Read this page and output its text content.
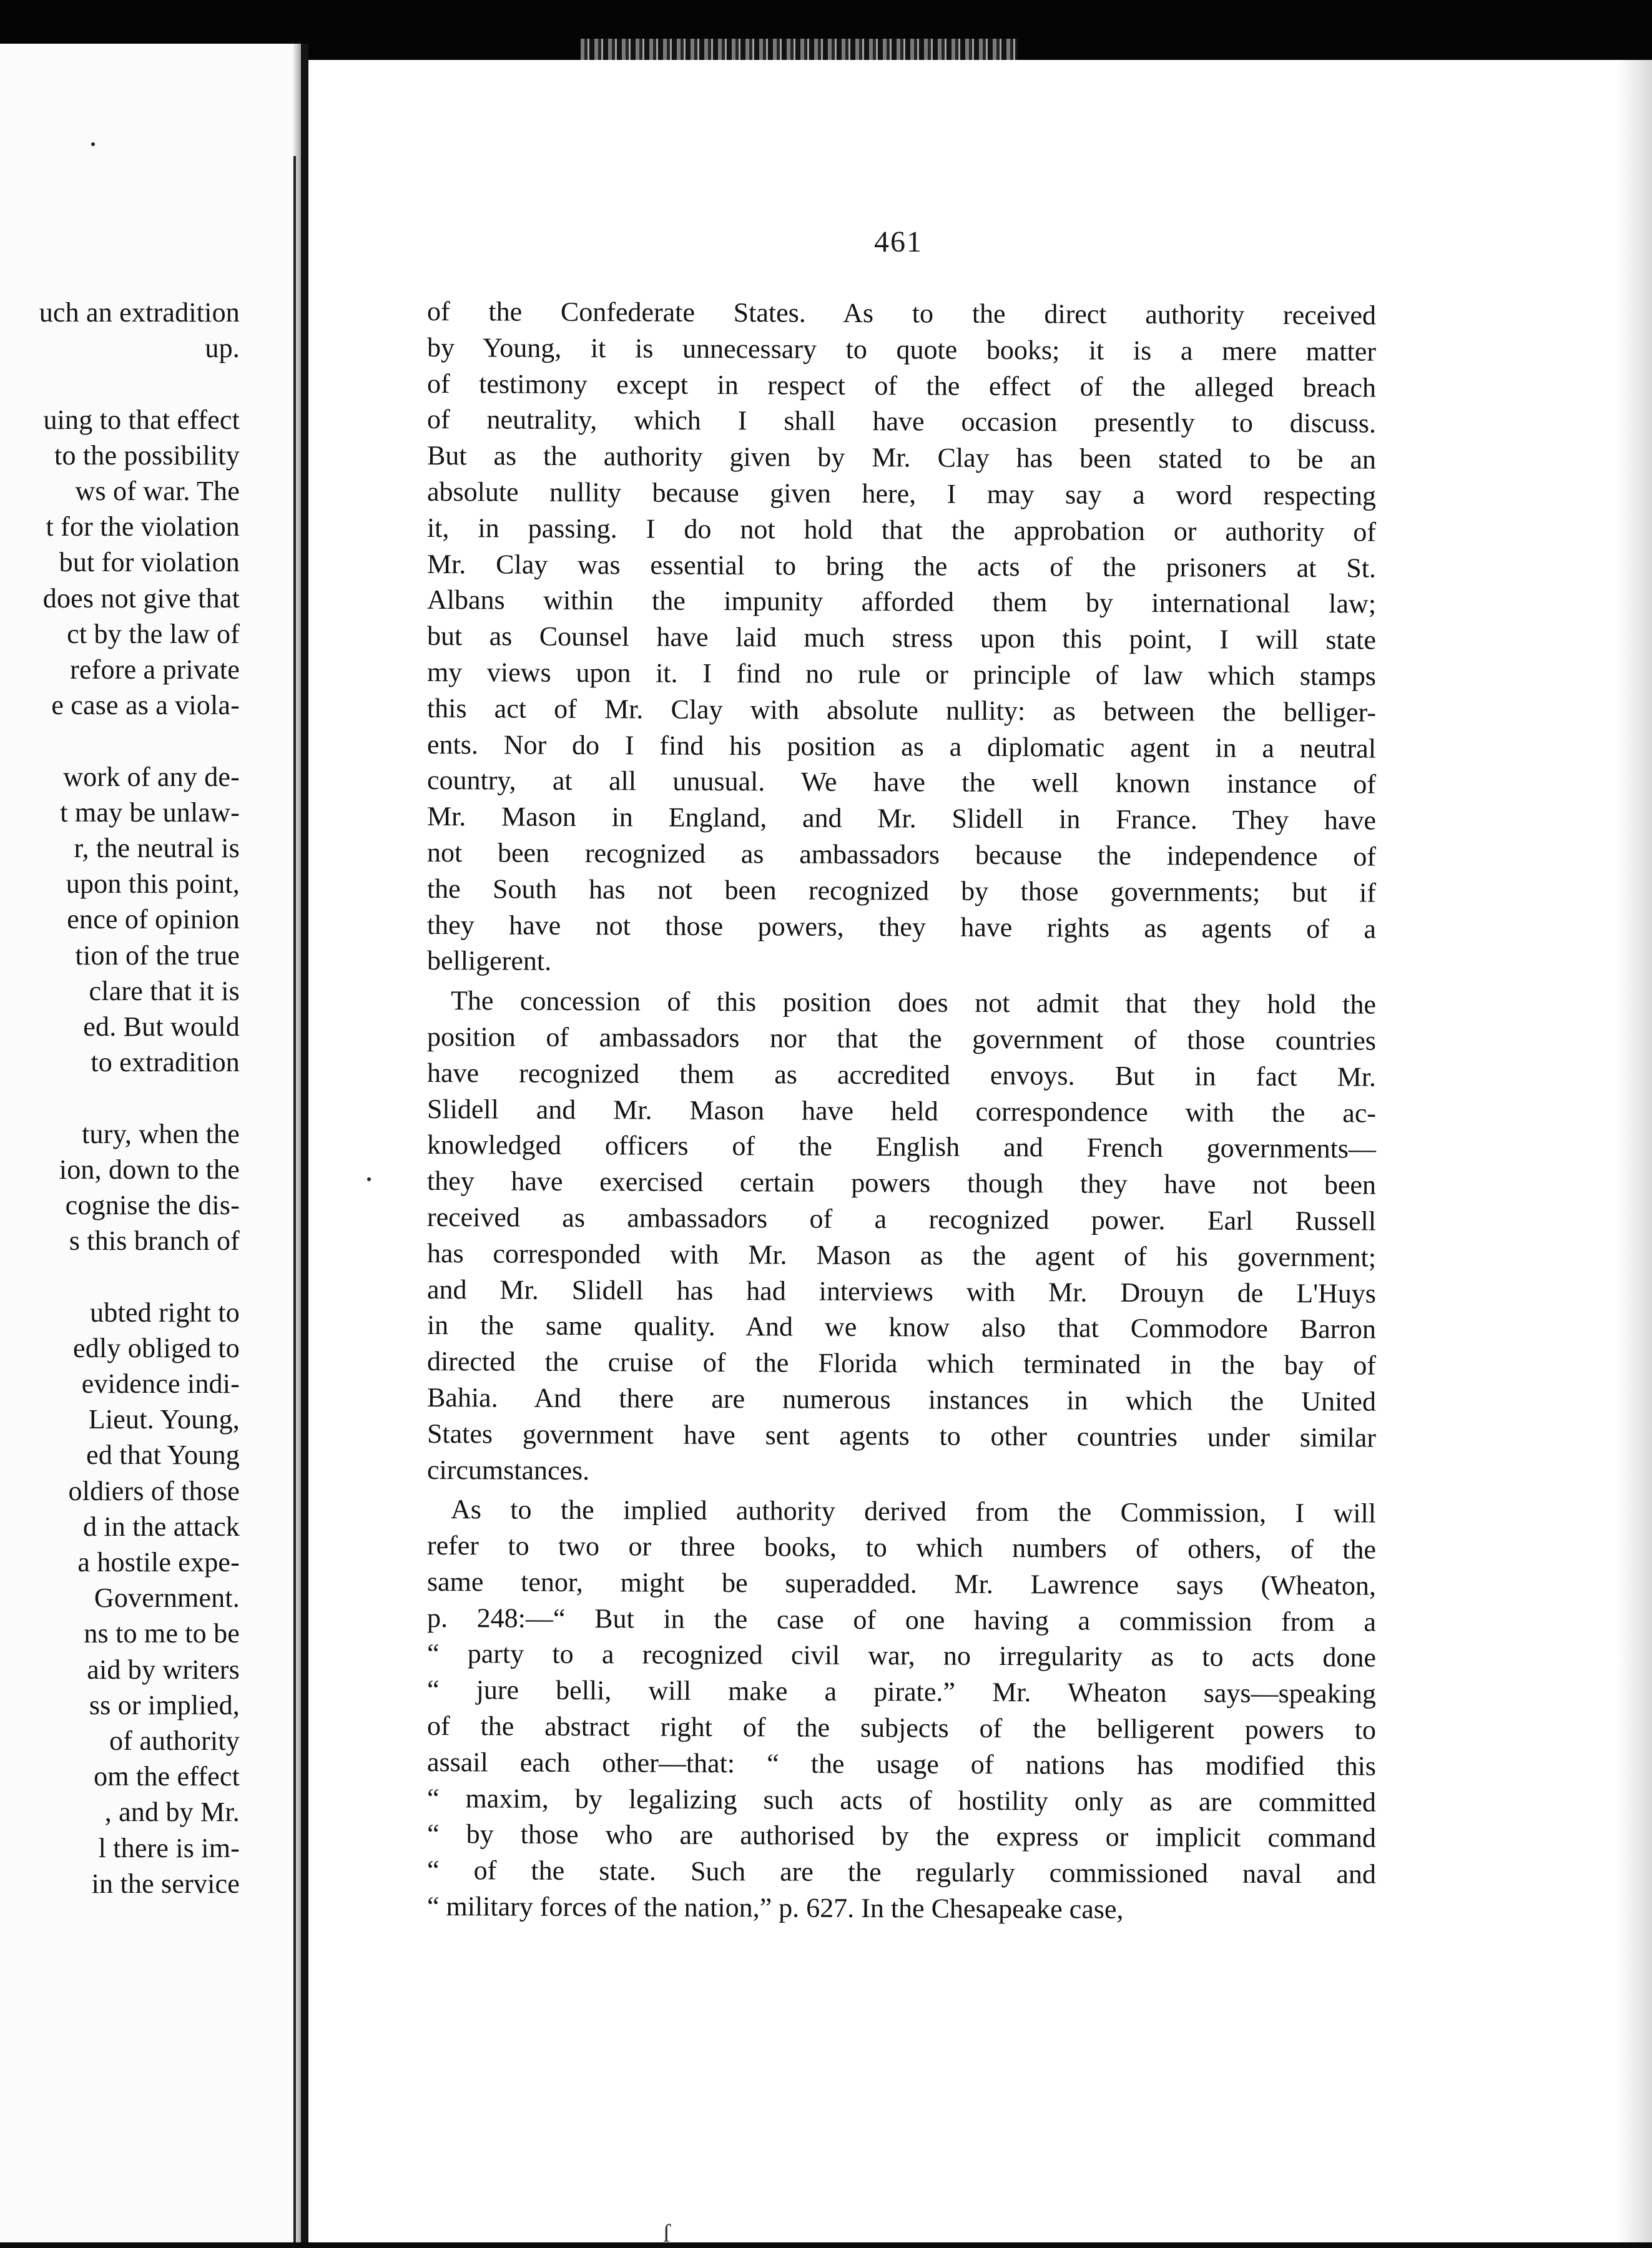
uch an extradition

up.

uing to that effect

to the possibility

ws of war. The

t for the violation

but for violation

does not give that

ct by the law of

refore a private

e case as a viola-

work of any de-

t may be unlaw-

r, the neutral is

upon this point,

ence of opinion

tion of the true

clare that it is

ed. But would

to extradition

tury, when the

ion, down to the

cognise the dis-

s this branch of

ubted right to

edly obliged to

evidence indi-

Lieut. Young,

ed that Young

oldiers of those

d in the attack

a hostile expe-

Government.

ns to me to be

aid by writers

ss or implied,

of authority

om the effect

, and by Mr.

l there is im-

in the service

ſ

461

of the Confederate States. As to the direct authority received
by Young, it is unnecessary to quote books; it is a mere matter
of testimony except in respect of the effect of the alleged breach
of neutrality, which I shall have occasion presently to discuss.
But as the authority given by Mr. Clay has been stated to be an
absolute nullity because given here, I may say a word respecting
it, in passing. I do not hold that the approbation or authority of
Mr. Clay was essential to bring the acts of the prisoners at St.
Albans within the impunity afforded them by international law;
but as Counsel have laid much stress upon this point, I will state
my views upon it. I find no rule or principle of law which stamps
this act of Mr. Clay with absolute nullity: as between the belliger-
ents. Nor do I find his position as a diplomatic agent in a neutral
country, at all unusual. We have the well known instance of
Mr. Mason in England, and Mr. Slidell in France. They have
not been recognized as ambassadors because the independence of
the South has not been recognized by those governments; but if
they have not those powers, they have rights as agents of a
belligerent.
The concession of this position does not admit that they hold the
position of ambassadors nor that the government of those countries
have recognized them as accredited envoys. But in fact Mr.
Slidell and Mr. Mason have held correspondence with the ac-
knowledged officers of the English and French governments—
they have exercised certain powers though they have not been
received as ambassadors of a recognized power. Earl Russell
has corresponded with Mr. Mason as the agent of his government;
and Mr. Slidell has had interviews with Mr. Drouyn de L'Huys
in the same quality. And we know also that Commodore Barron
directed the cruise of the Florida which terminated in the bay of
Bahia. And there are numerous instances in which the United
States government have sent agents to other countries under similar
circumstances.
As to the implied authority derived from the Commission, I will
refer to two or three books, to which numbers of others, of the
same tenor, might be superadded. Mr. Lawrence says (Wheaton,
p. 248:—“ But in the case of one having a commission from a
“ party to a recognized civil war, no irregularity as to acts done
“ jure belli, will make a pirate.” Mr. Wheaton says—speaking
of the abstract right of the subjects of the belligerent powers to
assail each other—that: “ the usage of nations has modified this
“ maxim, by legalizing such acts of hostility only as are committed
“ by those who are authorised by the express or implicit command
“ of the state. Such are the regularly commissioned naval and
“ military forces of the nation,” p. 627. In the Chesapeake case,
